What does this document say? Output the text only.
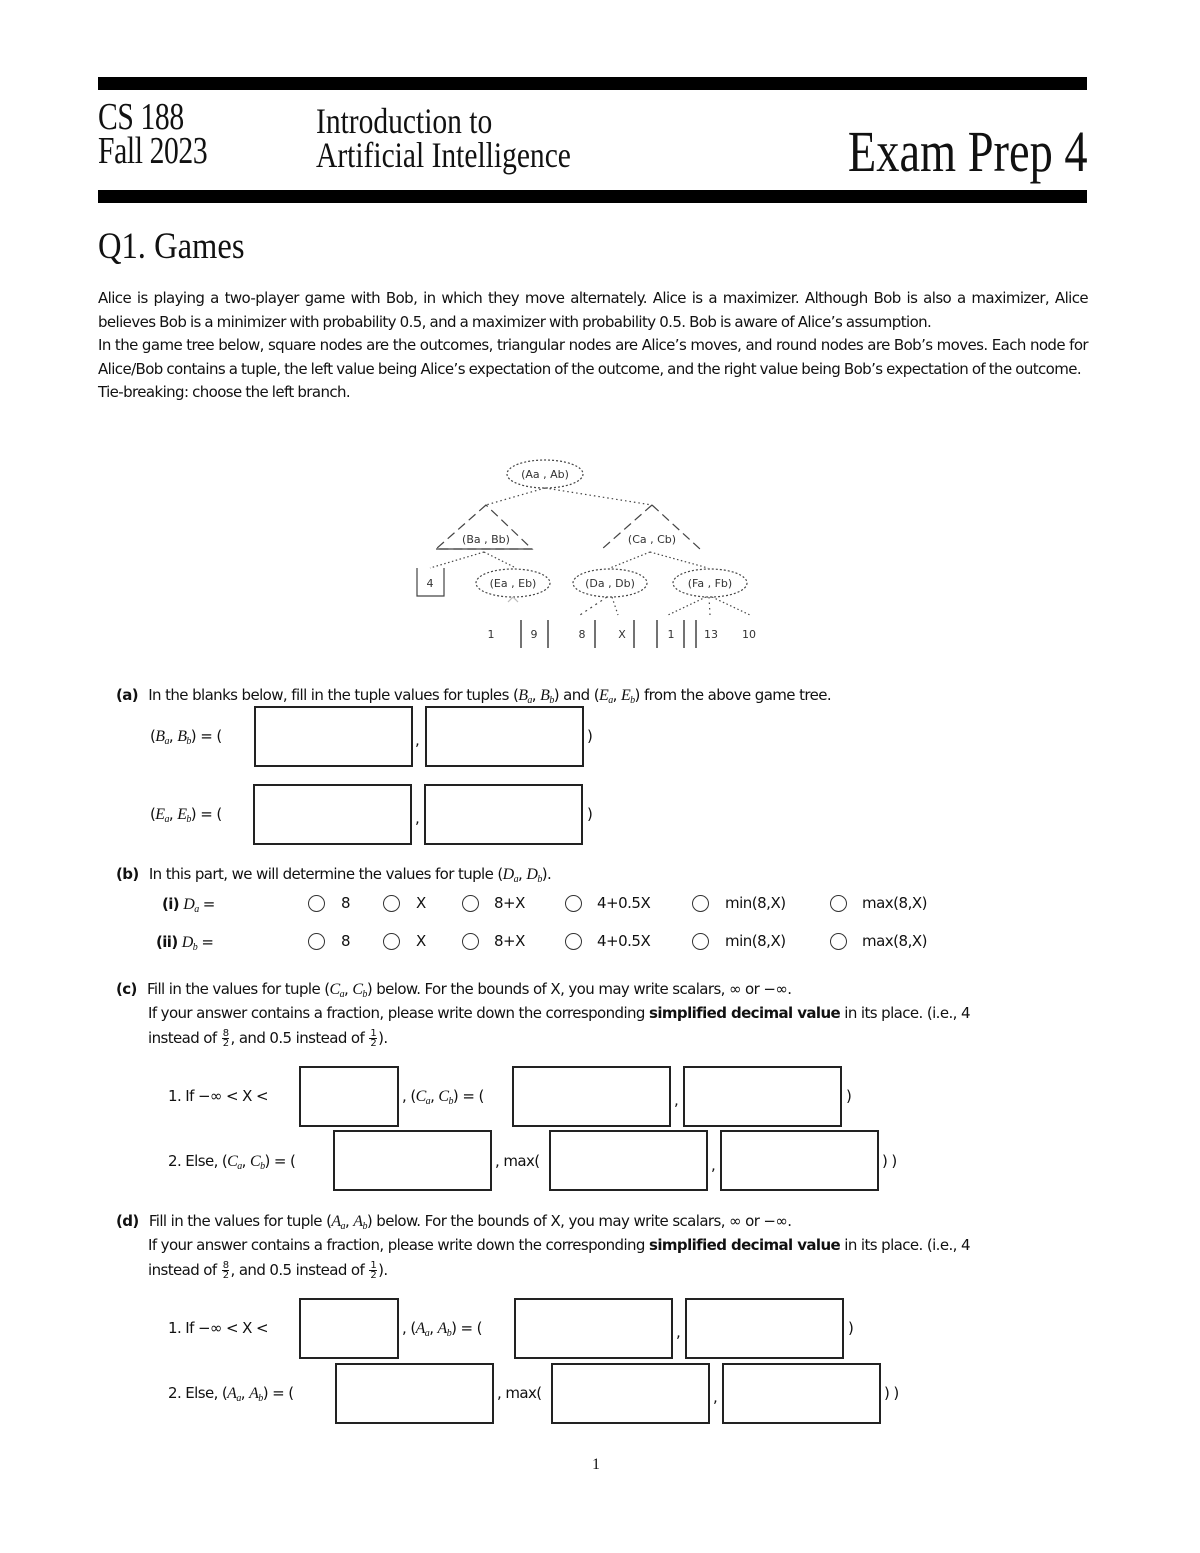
CS 188
Fall 2023
Introduction to
Artificial Intelligence	Exam Prep 4
Q1. Games

Alice is playing a two-player game with Bob, in which they move alternately. Alice is a maximizer. Although Bob is also a maximizer, Alice believes Bob is a minimizer with probability 0.5, and a maximizer with probability 0.5. Bob is aware of Alice’s assumption.

In the game tree below, square nodes are the outcomes, triangular nodes are Alice’s moves, and round nodes are Bob’s moves. Each node for Alice/Bob contains a tuple, the left value being Alice’s expectation of the outcome, and the right value being Bob’s expectation of the outcome.

Tie-breaking: choose the left branch.

(Aa , Ab)
(Ba , Bb)	(Ca , Cb)
(Ea , Eb)	(Da , Db)	(Fa , Fb)
4
1	9	8	X	1	13 10
(a) In the blanks below, fill in the tuple values for tuples ($B_a$, $B_b$) and ($E_a$, $E_b$) from the above game tree.
($B_a$, $B_b$) = (	,	)
($E_a$, $E_b$) = (	,	)
(b) In this part, we will determine the values for tuple ($D_a$, $D_b$).
(i) $D_a$ =	8	X	8+X	4+0.5X	min(8,X)	max(8,X)
(ii) $D_b$ =	8	X	8+X	4+0.5X	min(8,X)	max(8,X)
(c) Fill in the values for tuple ($C_a$, $C_b$) below. For the bounds of X, you may write scalars, ∞ or −∞.
If your answer contains a fraction, please write down the corresponding simplified decimal value in its place. (i.e., 4
instead of $\frac{8}{2}$ , and 0.5 instead of $\frac{1}{2}$ ).
1. If −∞ < X <	, ($C_a$, $C_b$) = (	,	)
2. Else, ($C_a$, $C_b$) = (	, max(	,	) )
(d) Fill in the values for tuple ($A_a$, $A_b$) below. For the bounds of X, you may write scalars, ∞ or −∞.
If your answer contains a fraction, please write down the corresponding simplified decimal value in its place. (i.e., 4
instead of $\frac{8}{2}$ , and 0.5 instead of $\frac{1}{2}$ ).
1. If −∞ < X <	, ($A_a$, $A_b$) = (	,	)
2. Else, ($A_a$, $A_b$) = (	, max(	,	) )
1
